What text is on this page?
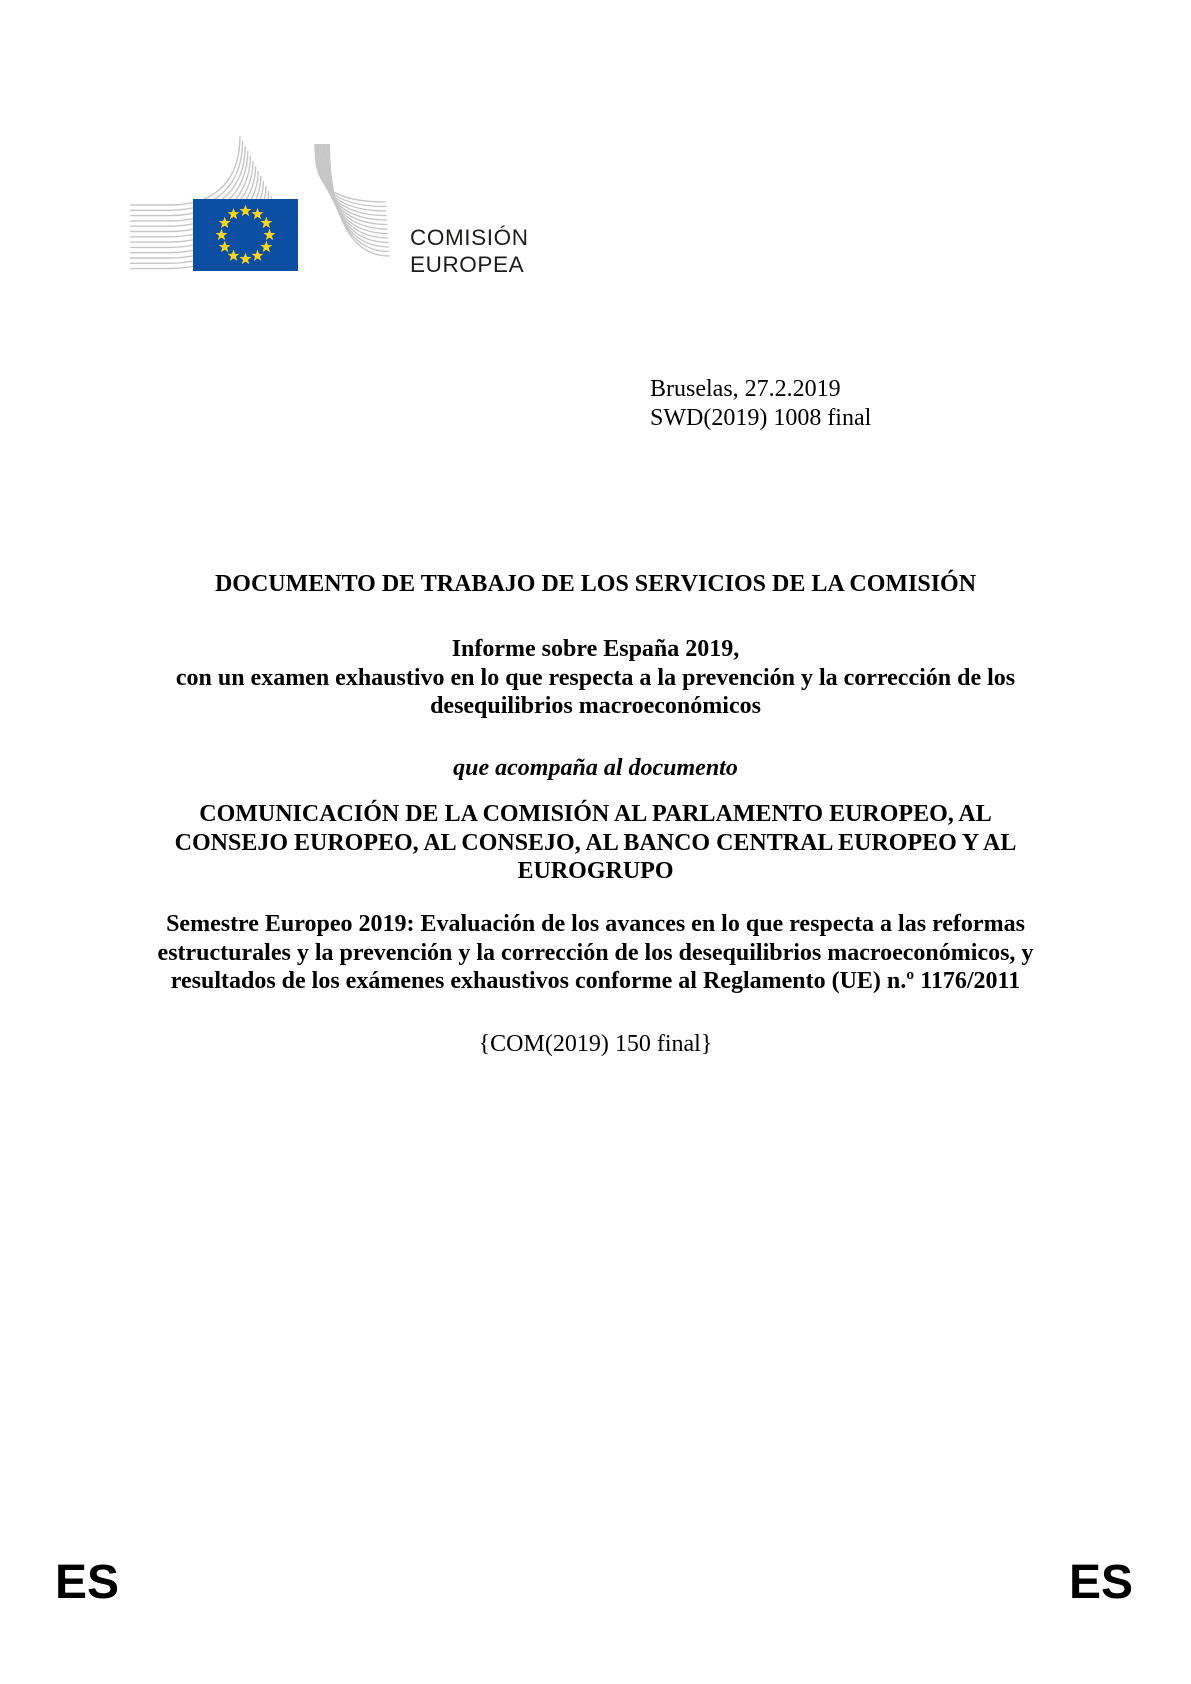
COMISIÓN
EUROPEA
Bruselas, 27.2.2019
SWD(2019) 1008 final
DOCUMENTO DE TRABAJO DE LOS SERVICIOS DE LA COMISIÓN
Informe sobre España 2019,
con un examen exhaustivo en lo que respecta a la prevención y la corrección de los
desequilibrios macroeconómicos
que acompaña al documento
COMUNICACIÓN DE LA COMISIÓN AL PARLAMENTO EUROPEO, AL
CONSEJO EUROPEO, AL CONSEJO, AL BANCO CENTRAL EUROPEO Y AL
EUROGRUPO
Semestre Europeo 2019: Evaluación de los avances en lo que respecta a las reformas
estructurales y la prevención y la corrección de los desequilibrios macroeconómicos, y
resultados de los exámenes exhaustivos conforme al Reglamento (UE) n.º 1176/2011
{COM(2019) 150 final}
ES	ES
